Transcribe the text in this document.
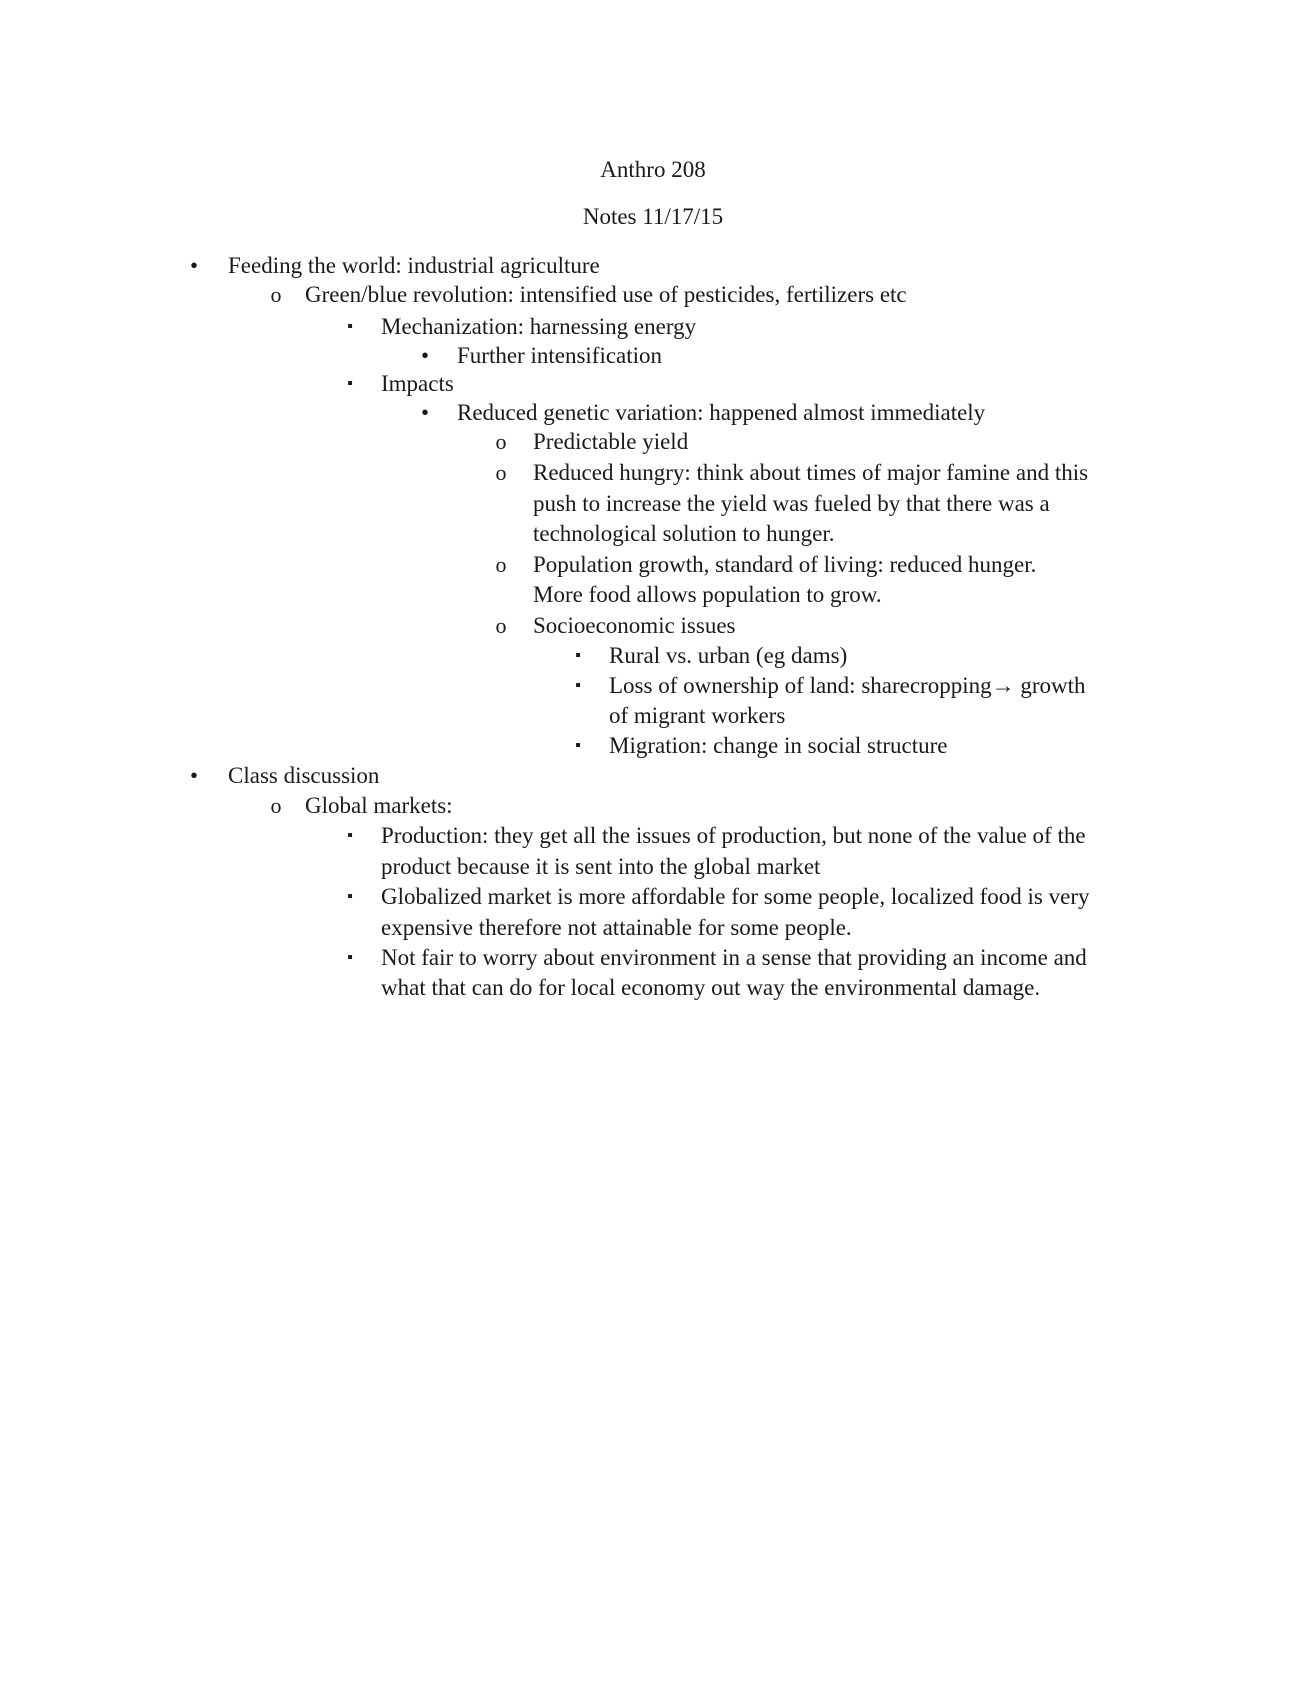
Anthro 208
Notes 11/17/15
• Feeding the world: industrial agriculture
o Green/blue revolution: intensified use of pesticides, fertilizers etc
▪	Mechanization: harnessing energy
• Further intensification
▪	Impacts
• Reduced genetic variation: happened almost immediately
o Predictable yield
o Reduced hungry: think about times of major famine and this push to increase the yield was fueled by that there was a technological solution to hunger.
o Population growth, standard of living: reduced hunger. More food allows population to grow.
o Socioeconomic issues
▪	Rural vs. urban (eg dams)
▪	Loss of ownership of land: sharecropping→ growth of migrant workers
▪	Migration: change in social structure
• Class discussion
o Global markets:
▪	Production: they get all the issues of production, but none of the value of the product because it is sent into the global market
▪	Globalized market is more affordable for some people, localized food is very expensive therefore not attainable for some people.
▪	Not fair to worry about environment in a sense that providing an income and what that can do for local economy out way the environmental damage.
